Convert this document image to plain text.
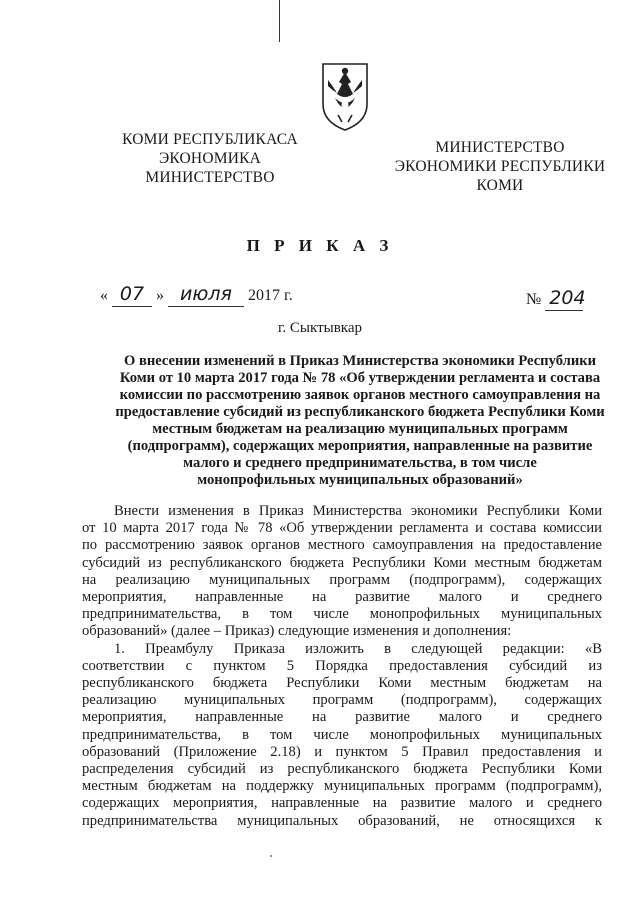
КОМИ РЕСПУБЛИКАСА
ЭКОНОМИКА
МИНИСТЕРСТВО
МИНИСТЕРСТВО
ЭКОНОМИКИ РЕСПУБЛИКИ
КОМИ
П Р И К А З
« 07 » июля 2017 г.	№ 204
г. Сыктывкар
О внесении изменений в Приказ Министерства экономики Республики
Коми от 10 марта 2017 года № 78 «Об утверждении регламента и состава
комиссии по рассмотрению заявок органов местного самоуправления на
предоставление субсидий из республиканского бюджета Республики Коми
местным бюджетам на реализацию муниципальных программ
(подпрограмм), содержащих мероприятия, направленные на развитие
малого и среднего предпринимательства, в том числе
монопрофильных муниципальных образований»
Внести изменения в Приказ Министерства экономики Республики Коми
от 10 марта 2017 года № 78 «Об утверждении регламента и состава комиссии
по рассмотрению заявок органов местного самоуправления на предоставление
субсидий из республиканского бюджета Республики Коми местным бюджетам
на реализацию муниципальных программ (подпрограмм), содержащих
мероприятия, направленные на развитие малого и среднего
предпринимательства, в том числе монопрофильных муниципальных
образований» (далее – Приказ) следующие изменения и дополнения:
1. Преамбулу Приказа изложить в следующей редакции: «В
соответствии с пунктом 5 Порядка предоставления субсидий из
республиканского бюджета Республики Коми местным бюджетам на
реализацию муниципальных программ (подпрограмм), содержащих
мероприятия, направленные на развитие малого и среднего
предпринимательства, в том числе монопрофильных муниципальных
образований (Приложение 2.18) и пунктом 5 Правил предоставления и
распределения субсидий из республиканского бюджета Республики Коми
местным бюджетам на поддержку муниципальных программ (подпрограмм),
содержащих мероприятия, направленные на развитие малого и среднего
предпринимательства муниципальных образований, не относящихся к
